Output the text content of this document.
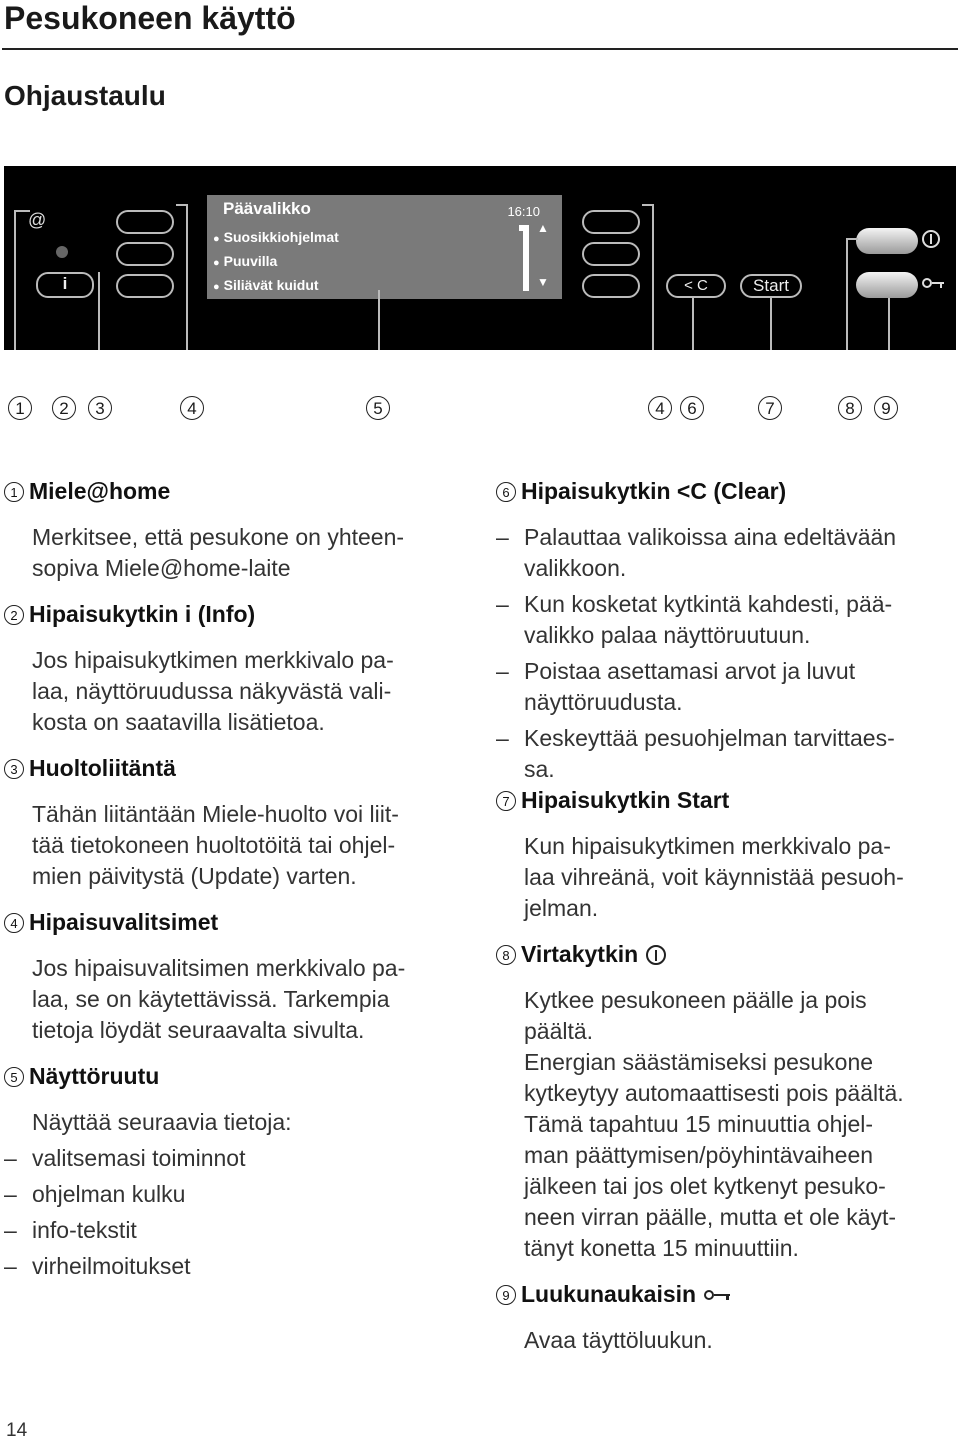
Pesukoneen käyttö
Ohjaustaulu
@
i
Päävalikko	16:10
● Suosikkiohjelmat
● Puuvilla
● Siliävät kuidut
▲
▼	< C	Start
1	2	3	4	5	4	6	7	8	9
1 Miele@home
Merkitsee, että pesukone on yhteen-
sopiva Miele@home-laite
2 Hipaisukytkin i (Info)
Jos hipaisukytkimen merkkivalo pa-
laa, näyttöruudussa näkyvästä vali-
kosta on saatavilla lisätietoa.
3 Huoltoliitäntä
Tähän liitäntään Miele-huolto voi liit-
tää tietokoneen huoltotöitä tai ohjel-
mien päivitystä (Update) varten.
4 Hipaisuvalitsimet
Jos hipaisuvalitsimen merkkivalo pa-
laa, se on käytettävissä. Tarkempia
tietoja löydät seuraavalta sivulta.
5 Näyttöruutu
Näyttää seuraavia tietoja:
– valitsemasi toiminnot
– ohjelman kulku
– info-tekstit
– virheilmoitukset
6 Hipaisukytkin <C (Clear)
– Palauttaa valikoissa aina edeltävään
valikkoon.
– Kun kosketat kytkintä kahdesti, pää-
valikko palaa näyttöruutuun.
– Poistaa asettamasi arvot ja luvut
näyttöruudusta.
– Keskeyttää pesuohjelman tarvittaes-
sa.
7 Hipaisukytkin Start
Kun hipaisukytkimen merkkivalo pa-
laa vihreänä, voit käynnistää pesuoh-
jelman.
8 Virtakytkin
Kytkee pesukoneen päälle ja pois
päältä.
Energian säästämiseksi pesukone
kytkeytyy automaattisesti pois päältä.
Tämä tapahtuu 15 minuuttia ohjel-
man päättymisen/pöyhintävaiheen
jälkeen tai jos olet kytkenyt pesuko-
neen virran päälle, mutta et ole käyt-
tänyt konetta 15 minuuttiin.
9 Luukunaukaisin
Avaa täyttöluukun.
14
